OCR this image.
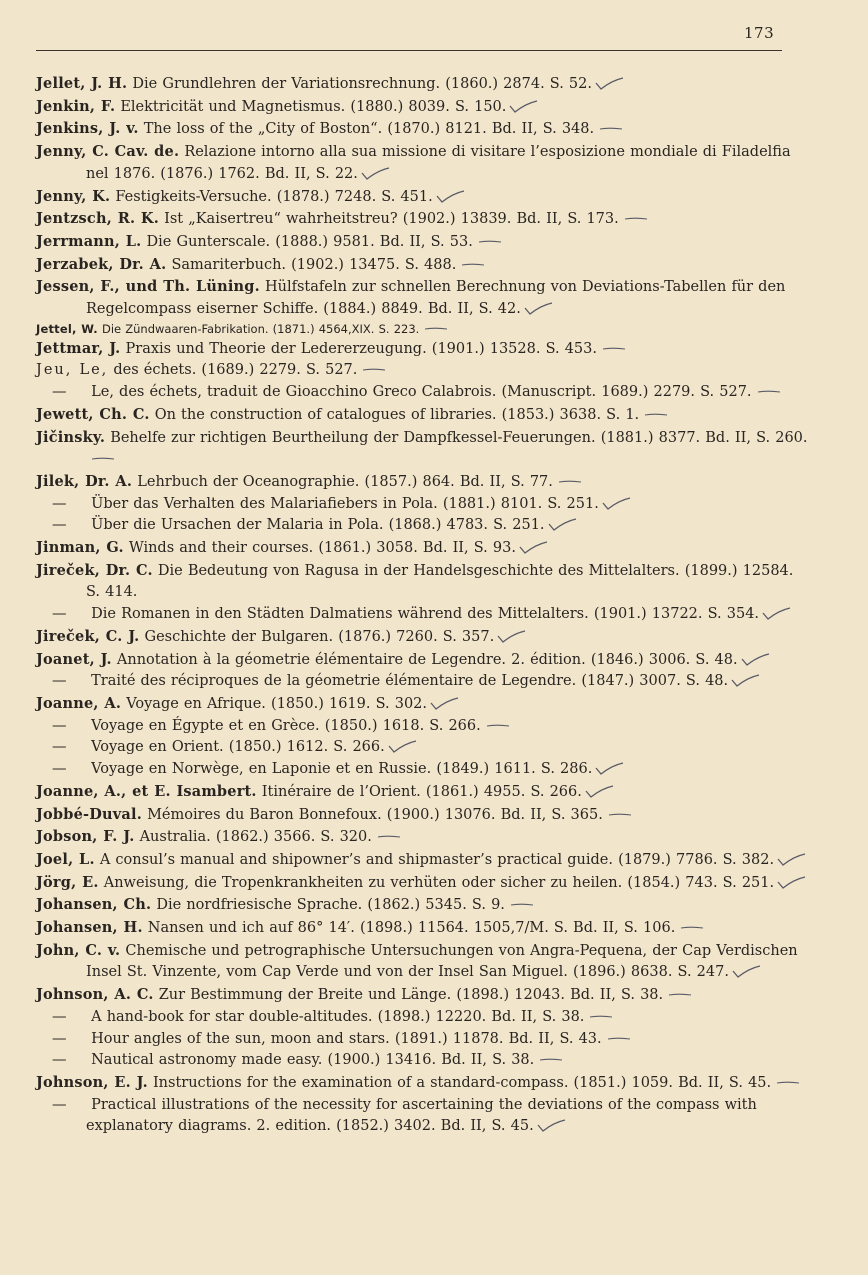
173
Jellet, J. H. Die Grundlehren der Variationsrechnung. (1860.) 2874. S. 52.
Jenkin, F. Elektricität und Magnetismus. (1880.) 8039. S. 150.
Jenkins, J. v. The loss of the „City of Boston“. (1870.) 8121. Bd. II, S. 348.
Jenny, C. Cav. de. Relazione intorno alla sua missione di visitare l’esposizione mondiale di Filadelfia nel 1876. (1876.) 1762. Bd. II, S. 22.
Jenny, K. Festigkeits-Versuche. (1878.) 7248. S. 451.
Jentzsch, R. K. Ist „Kaisertreu“ wahrheitstreu? (1902.) 13839. Bd. II, S. 173.
Jerrmann, L. Die Gunterscale. (1888.) 9581. Bd. II, S. 53.
Jerzabek, Dr. A. Samariterbuch. (1902.) 13475. S. 488.
Jessen, F., und Th. Lüning. Hülfstafeln zur schnellen Berechnung von Deviations-Tabellen für den Regelcompass eiserner Schiffe. (1884.) 8849. Bd. II, S. 42.
Jettel, W. Die Zündwaaren-Fabrikation. (1871.) 4564,XIX. S. 223.
Jettmar, J. Praxis und Theorie der Ledererzeugung. (1901.) 13528. S. 453.
Jeu, Le, des échets. (1689.) 2279. S. 527.
— Le, des échets, traduit de Gioacchino Greco Calabrois. (Manuscript. 1689.) 2279. S. 527.
Jewett, Ch. C. On the construction of catalogues of libraries. (1853.) 3638. S. 1.
Jičinsky. Behelfe zur richtigen Beurtheilung der Dampfkessel-Feuerungen. (1881.) 8377. Bd. II, S. 260.
Jilek, Dr. A. Lehrbuch der Oceanographie. (1857.) 864. Bd. II, S. 77.
— Über das Verhalten des Malariafiebers in Pola. (1881.) 8101. S. 251.
— Über die Ursachen der Malaria in Pola. (1868.) 4783. S. 251.
Jinman, G. Winds and their courses. (1861.) 3058. Bd. II, S. 93.
Jireček, Dr. C. Die Bedeutung von Ragusa in der Handelsgeschichte des Mittelalters. (1899.) 12584. S. 414.
— Die Romanen in den Städten Dalmatiens während des Mittelalters. (1901.) 13722. S. 354.
Jireček, C. J. Geschichte der Bulgaren. (1876.) 7260. S. 357.
Joanet, J. Annotation à la géometrie élémentaire de Legendre. 2. édition. (1846.) 3006. S. 48.
— Traité des réciproques de la géometrie élémentaire de Legendre. (1847.) 3007. S. 48.
Joanne, A. Voyage en Afrique. (1850.) 1619. S. 302.
— Voyage en Égypte et en Grèce. (1850.) 1618. S. 266.
— Voyage en Orient. (1850.) 1612. S. 266.
— Voyage en Norwège, en Laponie et en Russie. (1849.) 1611. S. 286.
Joanne, A., et E. Isambert. Itinéraire de l’Orient. (1861.) 4955. S. 266.
Jobbé-Duval. Mémoires du Baron Bonnefoux. (1900.) 13076. Bd. II, S. 365.
Jobson, F. J. Australia. (1862.) 3566. S. 320.
Joel, L. A consul’s manual and shipowner’s and shipmaster’s practical guide. (1879.) 7786. S. 382.
Jörg, E. Anweisung, die Tropenkrankheiten zu verhüten oder sicher zu heilen. (1854.) 743. S. 251.
Johansen, Ch. Die nordfriesische Sprache. (1862.) 5345. S. 9.
Johansen, H. Nansen und ich auf 86° 14′. (1898.) 11564. 1505,7/M. S. Bd. II, S. 106.
John, C. v. Chemische und petrographische Untersuchungen von Angra-Pequena, der Cap Verdischen Insel St. Vinzente, vom Cap Verde und von der Insel San Miguel. (1896.) 8638. S. 247.
Johnson, A. C. Zur Bestimmung der Breite und Länge. (1898.) 12043. Bd. II, S. 38.
— A hand-book for star double-altitudes. (1898.) 12220. Bd. II, S. 38.
— Hour angles of the sun, moon and stars. (1891.) 11878. Bd. II, S. 43.
— Nautical astronomy made easy. (1900.) 13416. Bd. II, S. 38.
Johnson, E. J. Instructions for the examination of a standard-compass. (1851.) 1059. Bd. II, S. 45.
— Practical illustrations of the necessity for ascertaining the deviations of the compass with explanatory diagrams. 2. edition. (1852.) 3402. Bd. II, S. 45.
